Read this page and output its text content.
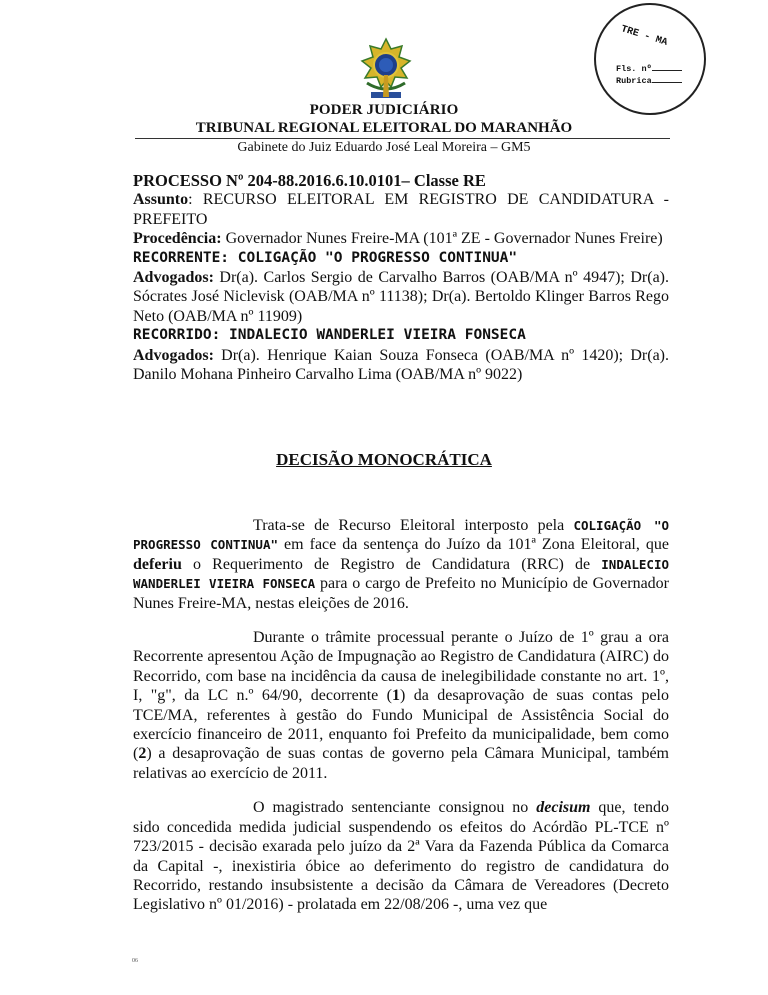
TRE - MA
Fls. nº
Rubrica
PODER JUDICIÁRIO
TRIBUNAL REGIONAL ELEITORAL DO MARANHÃO
Gabinete do Juiz Eduardo José Leal Moreira – GM5

PROCESSO Nº 204-88.2016.6.10.0101– Classe RE

Assunto: RECURSO ELEITORAL EM REGISTRO DE CANDIDATURA - PREFEITO

Procedência: Governador Nunes Freire-MA (101ª ZE - Governador Nunes Freire)

RECORRENTE: COLIGAÇÃO "O PROGRESSO CONTINUA"

Advogados: Dr(a). Carlos Sergio de Carvalho Barros (OAB/MA nº 4947); Dr(a). Sócrates José Niclevisk (OAB/MA nº 11138); Dr(a). Bertoldo Klinger Barros Rego Neto (OAB/MA nº 11909)

RECORRIDO: INDALECIO WANDERLEI VIEIRA FONSECA

Advogados: Dr(a). Henrique Kaian Souza Fonseca (OAB/MA nº 1420); Dr(a). Danilo Mohana Pinheiro Carvalho Lima (OAB/MA nº 9022)

DECISÃO MONOCRÁTICA

Trata-se de Recurso Eleitoral interposto pela COLIGAÇÃO "O PROGRESSO CONTINUA" em face da sentença do Juízo da 101ª Zona Eleitoral, que deferiu o Requerimento de Registro de Candidatura (RRC) de INDALECIO WANDERLEI VIEIRA FONSECA para o cargo de Prefeito no Município de Governador Nunes Freire-MA, nestas eleições de 2016.

Durante o trâmite processual perante o Juízo de 1º grau a ora Recorrente apresentou Ação de Impugnação ao Registro de Candidatura (AIRC) do Recorrido, com base na incidência da causa de inelegibilidade constante no art. 1º, I, "g", da LC n.º 64/90, decorrente (1) da desaprovação de suas contas pelo TCE/MA, referentes à gestão do Fundo Municipal de Assistência Social do exercício financeiro de 2011, enquanto foi Prefeito da municipalidade, bem como (2) a desaprovação de suas contas de governo pela Câmara Municipal, também relativas ao exercício de 2011.

O magistrado sentenciante consignou no decisum que, tendo sido concedida medida judicial suspendendo os efeitos do Acórdão PL-TCE nº 723/2015 - decisão exarada pelo juízo da 2ª Vara da Fazenda Pública da Comarca da Capital -, inexistiria óbice ao deferimento do registro de candidatura do Recorrido, restando insubsistente a decisão da Câmara de Vereadores (Decreto Legislativo nº 01/2016) - prolatada em 22/08/206 -, uma vez que

06
